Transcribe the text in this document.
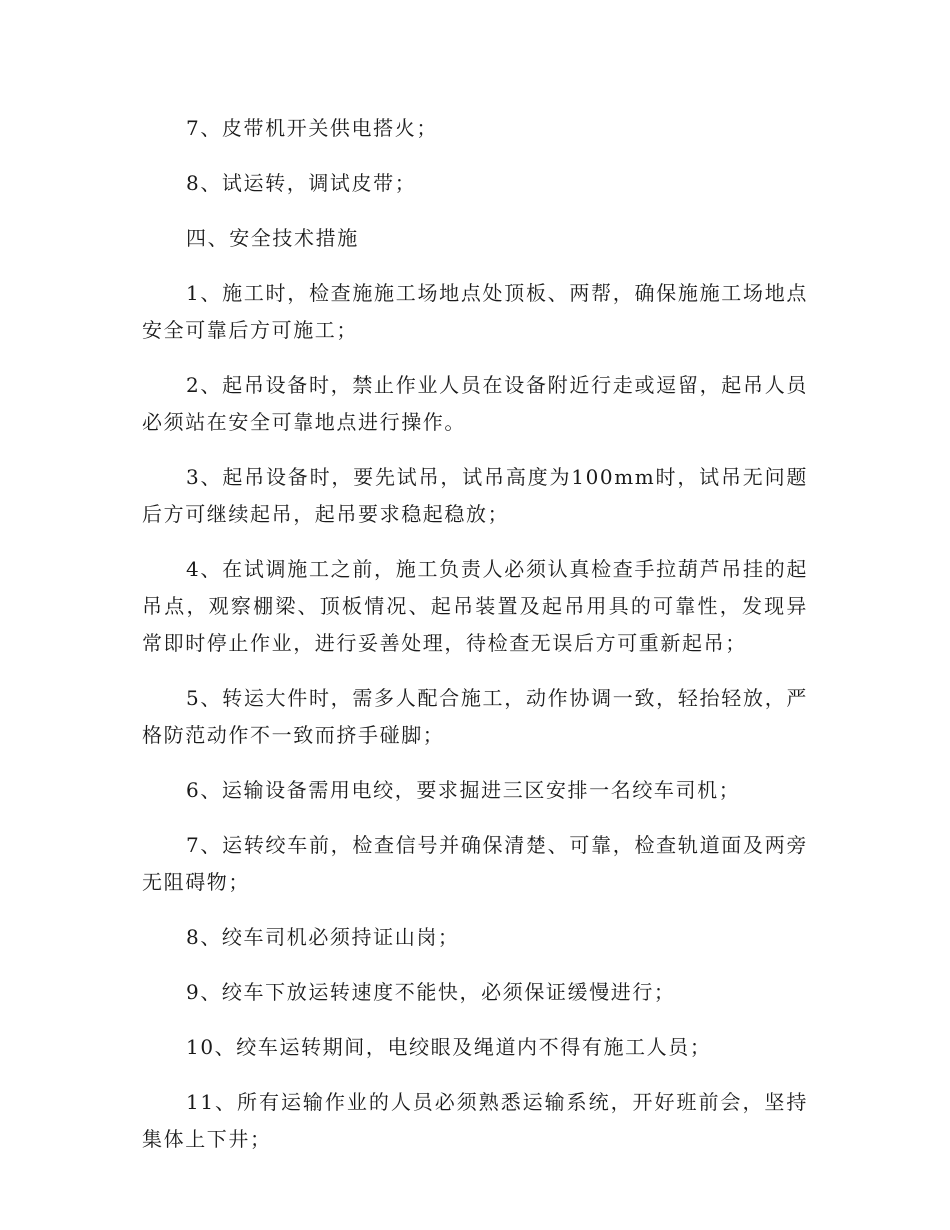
7、皮带机开关供电搭火；

8、试运转，调试皮带；

四、安全技术措施

1、施工时，检查施施工场地点处顶板、两帮，确保施施工场地点安全可靠后方可施工；

2、起吊设备时，禁止作业人员在设备附近行走或逗留，起吊人员必须站在安全可靠地点进行操作。

3、起吊设备时，要先试吊，试吊高度为100mm时，试吊无问题后方可继续起吊，起吊要求稳起稳放；

4、在试调施工之前，施工负责人必须认真检查手拉葫芦吊挂的起吊点，观察棚梁、顶板情况、起吊装置及起吊用具的可靠性，发现异常即时停止作业，进行妥善处理，待检查无误后方可重新起吊；

5、转运大件时，需多人配合施工，动作协调一致，轻抬轻放，严格防范动作不一致而挤手碰脚；

6、运输设备需用电绞，要求掘进三区安排一名绞车司机；

7、运转绞车前，检查信号并确保清楚、可靠，检查轨道面及两旁无阻碍物；

8、绞车司机必须持证山岗；

9、绞车下放运转速度不能快，必须保证缓慢进行；

10、绞车运转期间，电绞眼及绳道内不得有施工人员；

11、所有运输作业的人员必须熟悉运输系统，开好班前会，坚持集体上下井；
